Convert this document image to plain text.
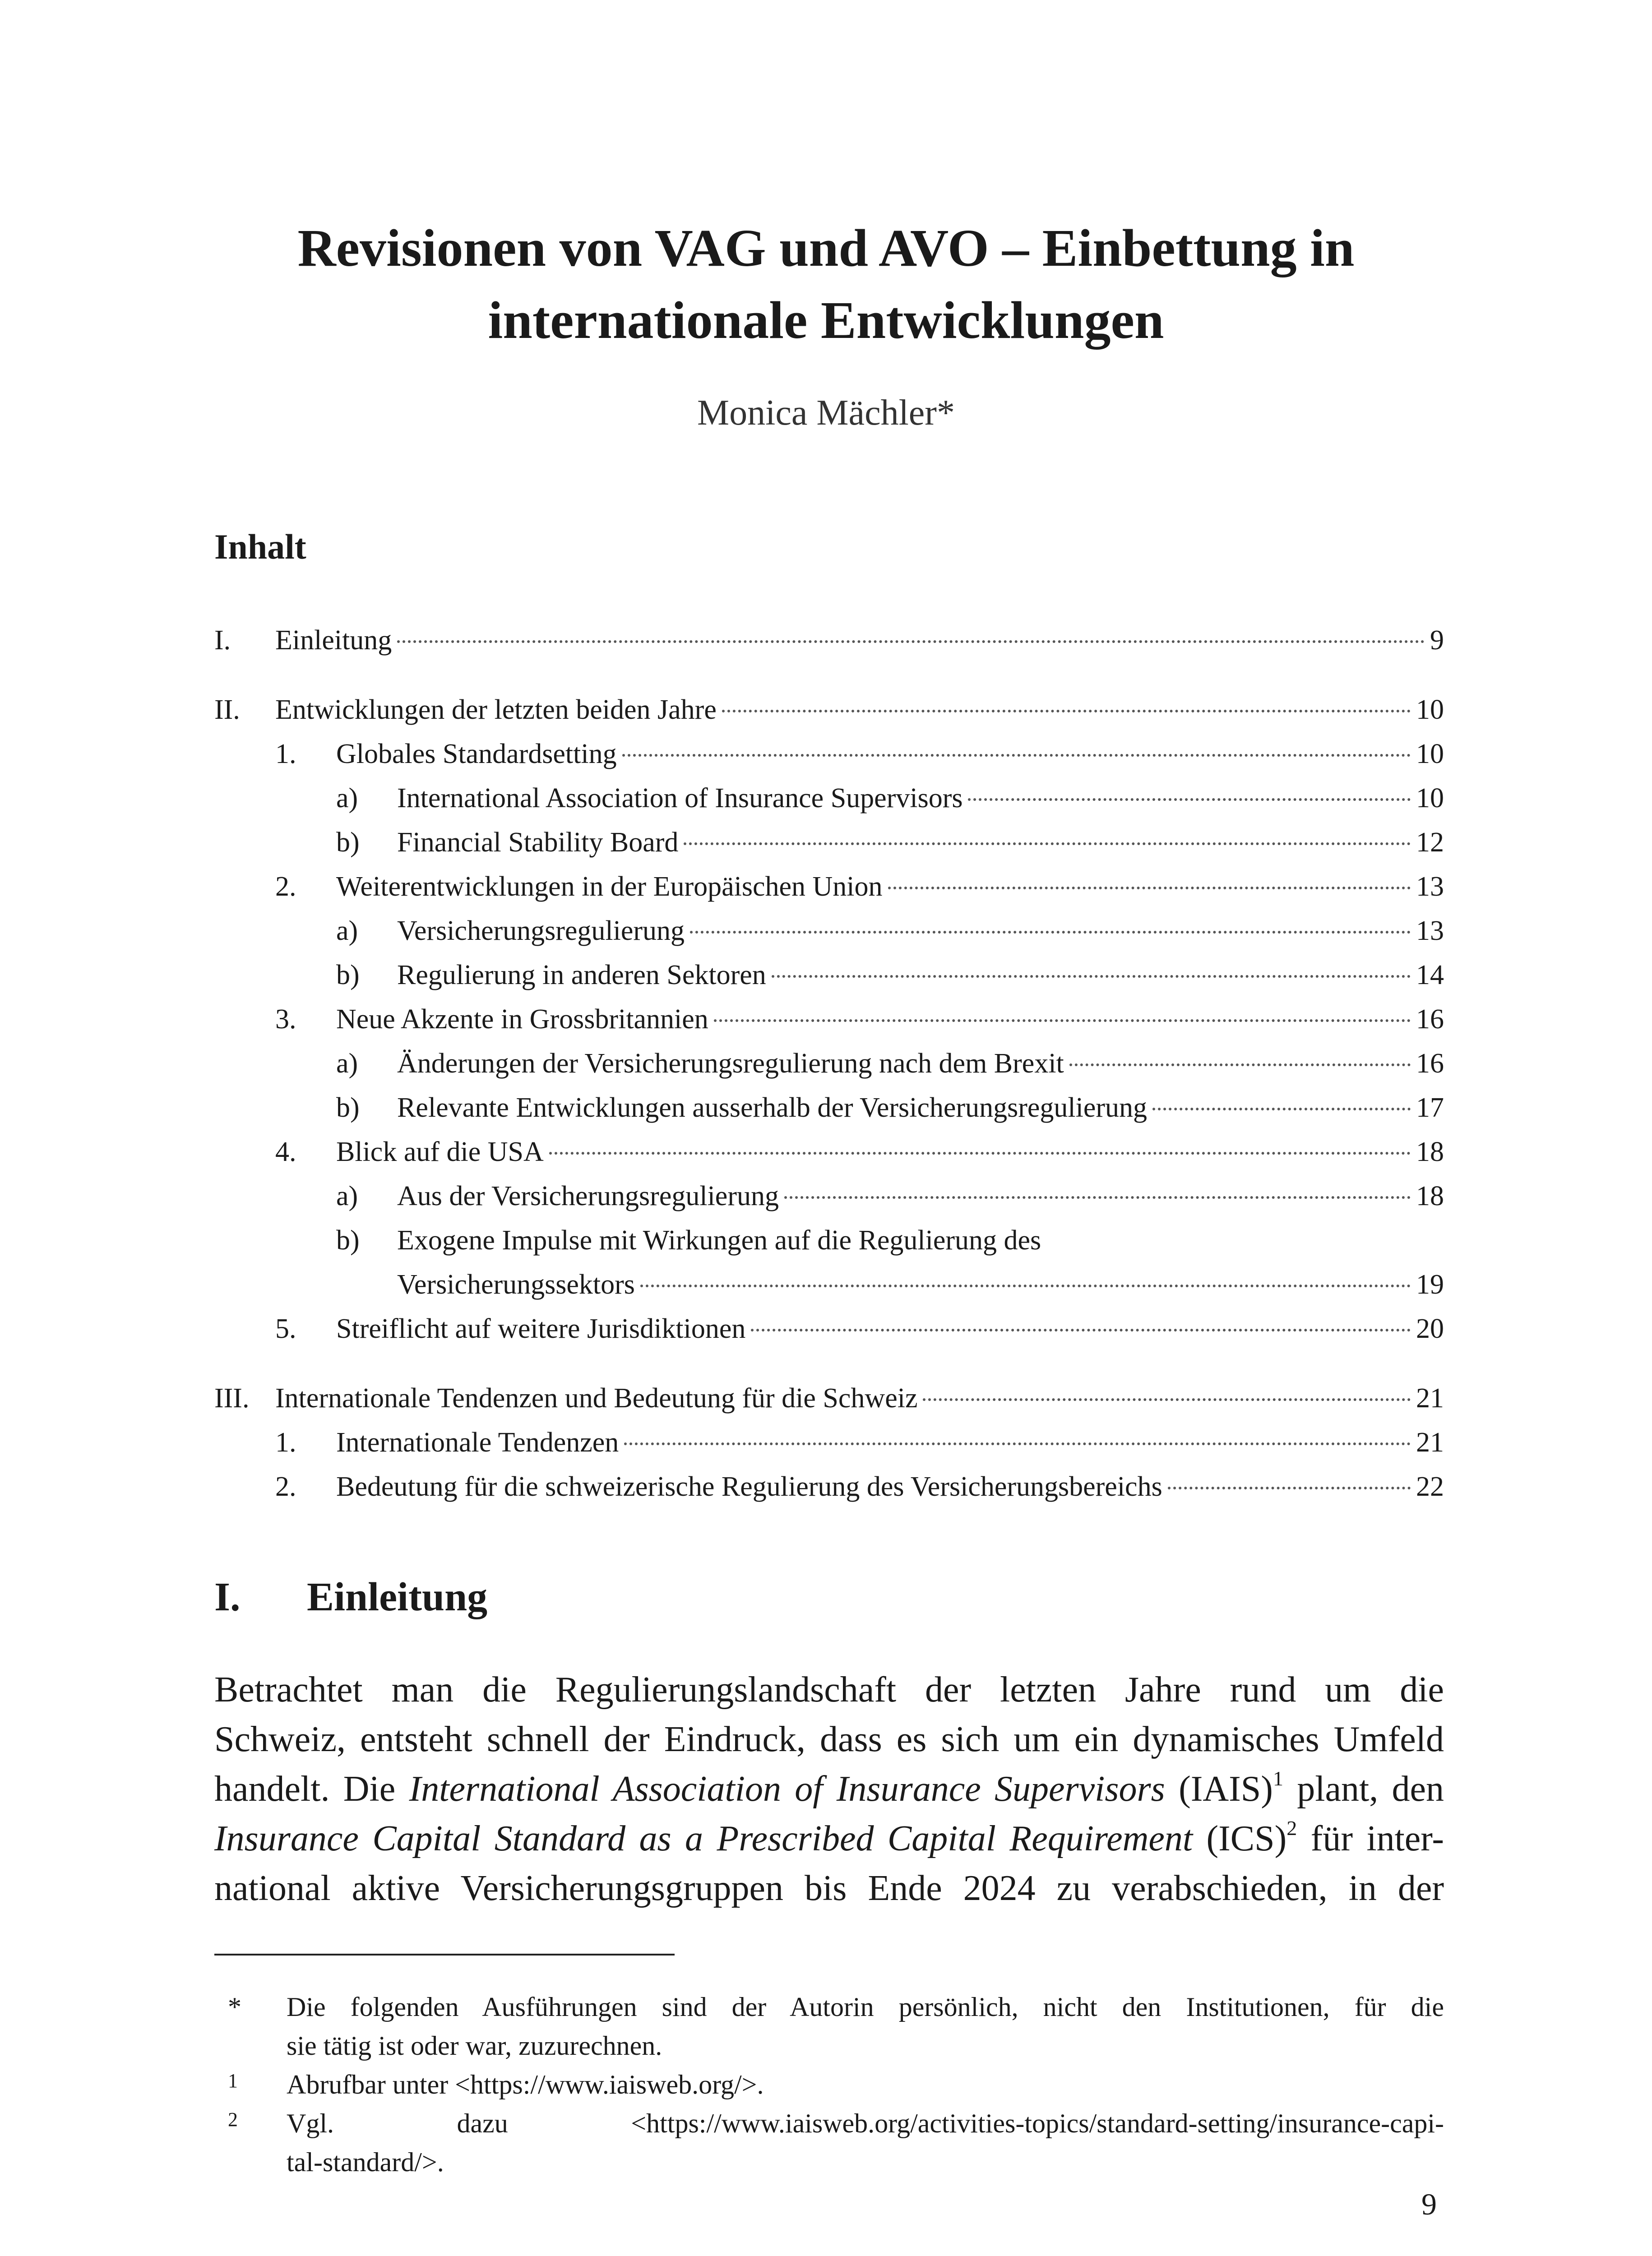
Revisionen von VAG und AVO – Einbettung in
internationale Entwicklungen
Monica Mächler*
Inhalt
I. Einleitung	9
II. Entwicklungen der letzten beiden Jahre	10
1. Globales Standardsetting	10
a) International Association of Insurance Supervisors	10
b) Financial Stability Board	12
2. Weiterentwicklungen in der Europäischen Union	13
a) Versicherungsregulierung	13
b) Regulierung in anderen Sektoren	14
3. Neue Akzente in Grossbritannien	16
a) Änderungen der Versicherungsregulierung nach dem Brexit	16
b) Relevante Entwicklungen ausserhalb der Versicherungsregulierung	17
4. Blick auf die USA	18
a) Aus der Versicherungsregulierung	18
b) Exogene Impulse mit Wirkungen auf die Regulierung des
Versicherungssektors	19
5. Streiflicht auf weitere Jurisdiktionen	20
III. Internationale Tendenzen und Bedeutung für die Schweiz	21
1. Internationale Tendenzen	21
2. Bedeutung für die schweizerische Regulierung des Versicherungsbereichs	22
I. Einleitung
Betrachtet man die Regulierungslandschaft der letzten Jahre rund um die
Schweiz, entsteht schnell der Eindruck, dass es sich um ein dynamisches Umfeld
handelt. Die International Association of Insurance Supervisors (IAIS)$^1$ plant, den
Insurance Capital Standard as a Prescribed Capital Requirement (ICS)$^2$ für inter-
national aktive Versicherungsgruppen bis Ende 2024 zu verabschieden, in der
* Die folgenden Ausführungen sind der Autorin persönlich, nicht den Institutionen, für die
sie tätig ist oder war, zuzurechnen.
1 Abrufbar unter <https://www.iaisweb.org/>.
2 Vgl. dazu <https://www.iaisweb.org/activities-topics/standard-setting/insurance-capi-
tal-standard/>.
9
